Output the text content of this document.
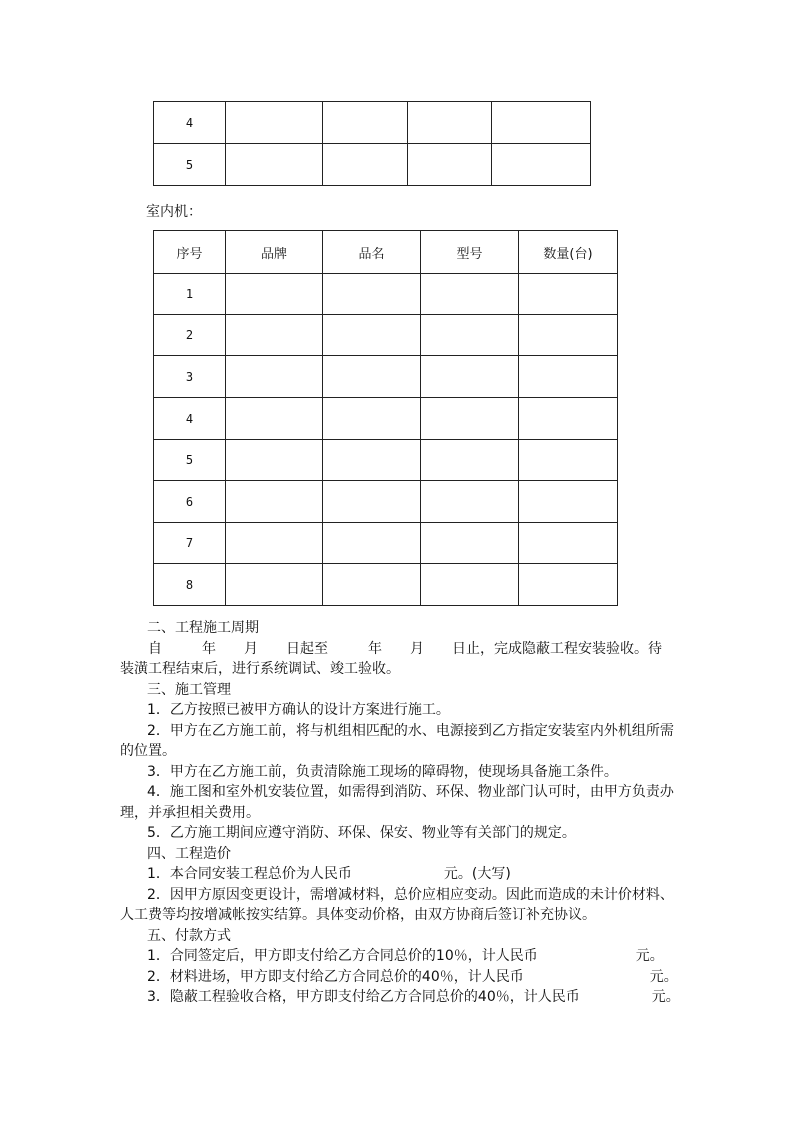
4				
5				
室内机：
序号	品牌	品名	型号	数量(台)
1				
2				
3				
4				
5				
6				
7				
8				
二、工程施工周期
自	年 月 日起至	年 月 日止，完成隐蔽工程安装验收。待
装潢工程结束后，进行系统调试、竣工验收。
三、施工管理
1．乙方按照已被甲方确认的设计方案进行施工。
2．甲方在乙方施工前，将与机组相匹配的水、电源接到乙方指定安装室内外机组所需
的位置。
3．甲方在乙方施工前，负责清除施工现场的障碍物，使现场具备施工条件。
4．施工图和室外机安装位置，如需得到消防、环保、物业部门认可时，由甲方负责办
理，并承担相关费用。
5．乙方施工期间应遵守消防、环保、保安、物业等有关部门的规定。
四、工程造价
1．本合同安装工程总价为人民币	元。(大写)
2．因甲方原因变更设计，需增减材料，总价应相应变动。因此而造成的未计价材料、
人工费等均按增减帐按实结算。具体变动价格，由双方协商后签订补充协议。
五、付款方式
1．合同签定后，甲方即支付给乙方合同总价的10％，计人民币	元。
2．材料进场，甲方即支付给乙方合同总价的40％，计人民币	元。
3．隐蔽工程验收合格，甲方即支付给乙方合同总价的40％，计人民币	元。
